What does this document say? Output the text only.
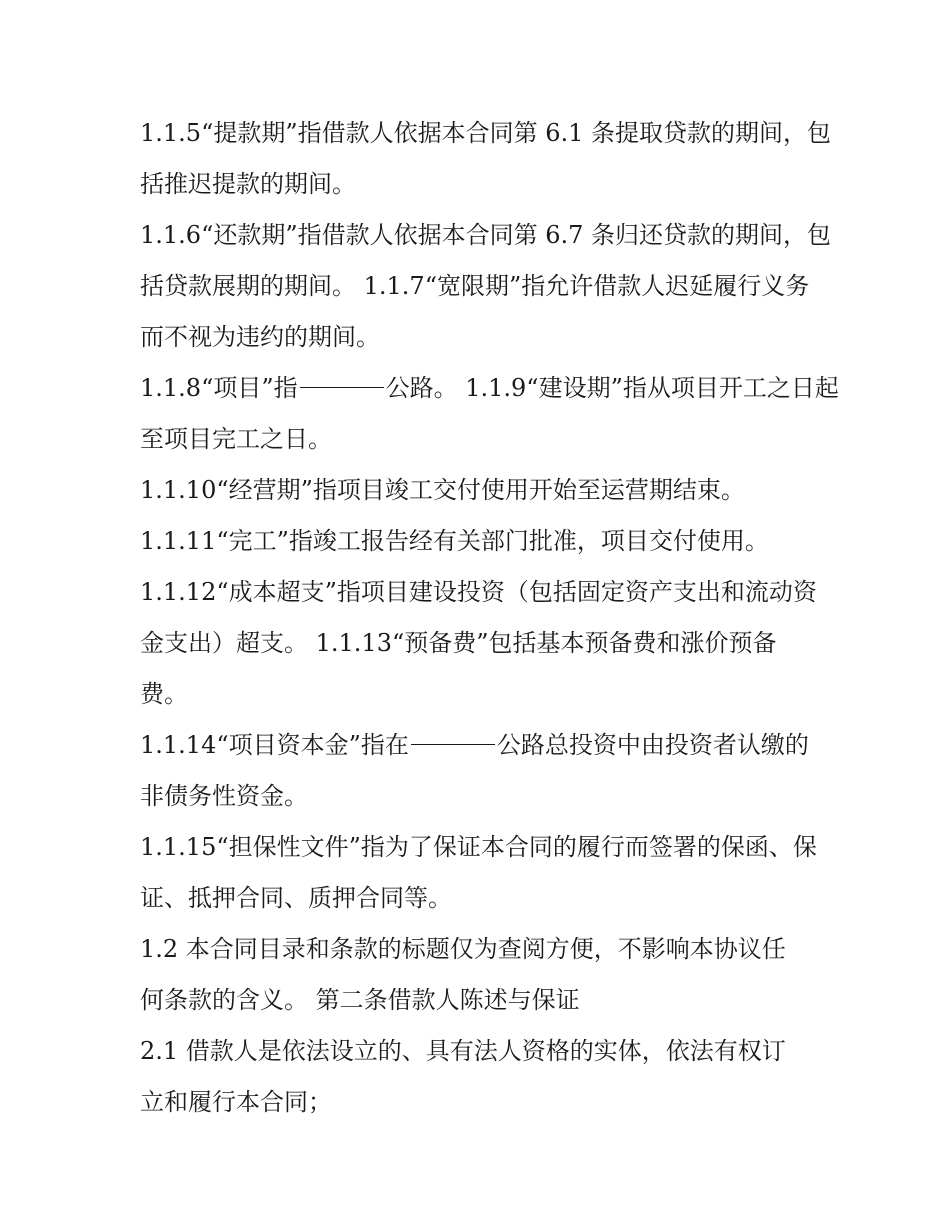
1.1.5“提款期”指借款人依据本合同第 6.1 条提取贷款的期间，包

括推迟提款的期间。

1.1.6“还款期”指借款人依据本合同第 6.7 条归还贷款的期间，包

括贷款展期的期间。 1.1.7“宽限期”指允许借款人迟延履行义务

而不视为违约的期间。

1.1.8“项目”指	公路。 1.1.9“建设期”指从项目开工之日起

至项目完工之日。

1.1.10“经营期”指项目竣工交付使用开始至运营期结束。

1.1.11“完工”指竣工报告经有关部门批准，项目交付使用。

1.1.12“成本超支”指项目建设投资（包括固定资产支出和流动资

金支出）超支。 1.1.13“预备费”包括基本预备费和涨价预备

费。

1.1.14“项目资本金”指在	公路总投资中由投资者认缴的

非债务性资金。

1.1.15“担保性文件”指为了保证本合同的履行而签署的保函、保

证、抵押合同、质押合同等。

1.2 本合同目录和条款的标题仅为查阅方便，不影响本协议任

何条款的含义。 第二条借款人陈述与保证

2.1 借款人是依法设立的、具有法人资格的实体，依法有权订

立和履行本合同；
